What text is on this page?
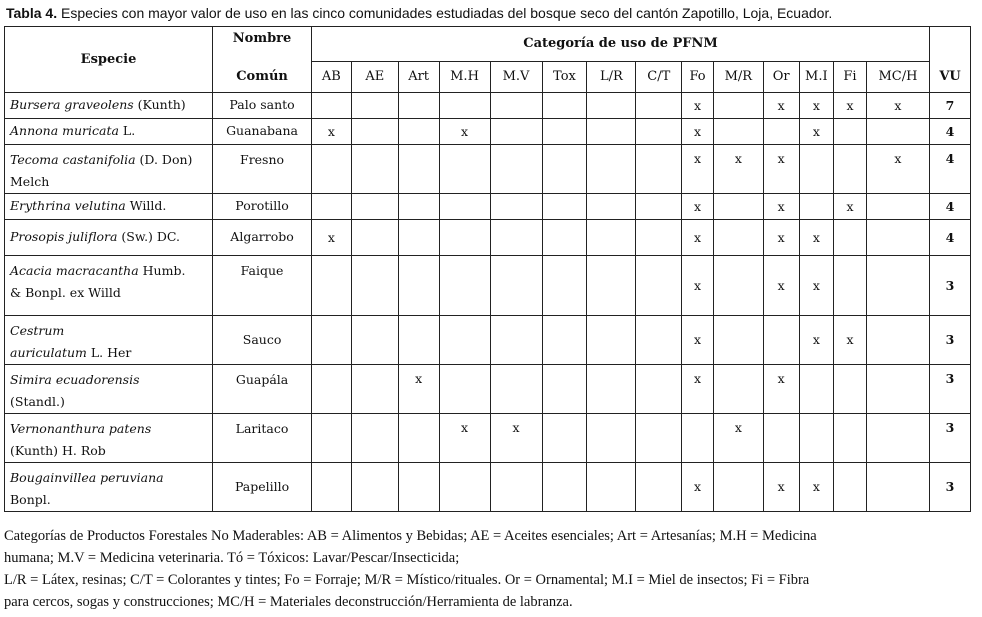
Tabla 4. Especies con mayor valor de uso en las cinco comunidades estudiadas del bosque seco del cantón Zapotillo, Loja, Ecuador.
Especie	Nombre	Categoría de uso de PFNM														
	Común	AB	AE	Art	M.H	M.V	Tox	L/R	C/T	Fo	M/R	Or	M.I	Fi	MC/H	VU
Bursera graveolens (Kunth)	Palo santo									x		x	x	x	x	7
Annona muricata L.	Guanabana	x			x					x			x			4
Tecoma castanifolia (D. Don)
Melch	Fresno									x	x	x			x	4
Erythrina velutina Willd.	Porotillo									x		x		x		4
Prosopis juliflora (Sw.) DC.	Algarrobo	x								x		x	x			4
Acacia macracantha Humb.
& Bonpl. ex Willd	Faique									x		x	x			3
Cestrum
auriculatum L. Her	Sauco									x			x	x		3
Simira ecuadorensis
(Standl.)	Guapála			x						x		x				3
Vernonanthura patens
(Kunth) H. Rob	Laritaco				x	x					x					3
Bougainvillea peruviana
Bonpl.	Papelillo									x		x	x			3
Categorías de Productos Forestales No Maderables: AB = Alimentos y Bebidas; AE = Aceites esenciales; Art = Artesanías; M.H = Medicina
humana; M.V = Medicina veterinaria. Tó = Tóxicos: Lavar/Pescar/Insecticida;
L/R = Látex, resinas; C/T = Colorantes y tintes; Fo = Forraje; M/R = Místico/rituales. Or = Ornamental; M.I = Miel de insectos; Fi = Fibra
para cercos, sogas y construcciones; MC/H = Materiales deconstrucción/Herramienta de labranza.
